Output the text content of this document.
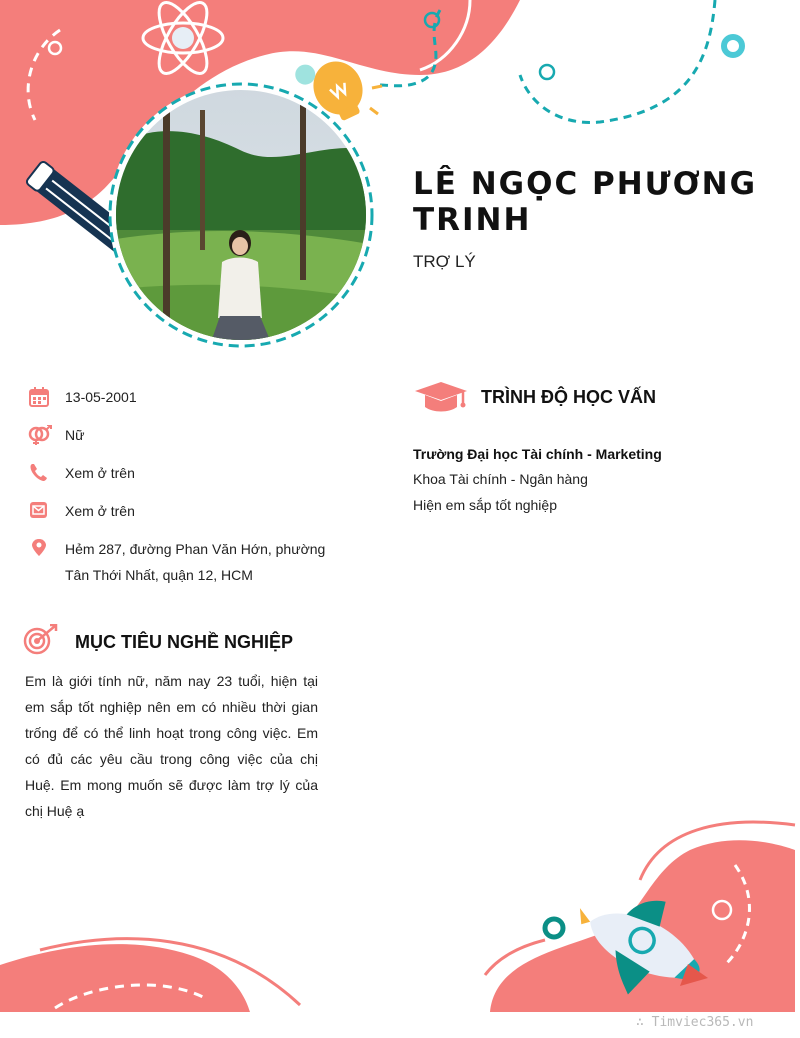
LÊ NGỌC PHƯƠNG TRINH
TRỢ LÝ
13-05-2001
Nữ
Xem ở trên
Xem ở trên
Hẻm 287, đường Phan Văn Hớn, phường Tân Thới Nhất, quận 12, HCM
MỤC TIÊU NGHỀ NGHIỆP
Em là giới tính nữ, năm nay 23 tuổi, hiện tại em sắp tốt nghiệp nên em có nhiều thời gian trống để có thể linh hoạt trong công việc. Em có đủ các yêu cầu trong công việc của chị Huệ. Em mong muốn sẽ được làm trợ lý của chị Huệ ạ
TRÌNH ĐỘ HỌC VẤN
Trường Đại học Tài chính - Marketing
Khoa Tài chính - Ngân hàng
Hiện em sắp tốt nghiệp
∴ Timviec365.vn
